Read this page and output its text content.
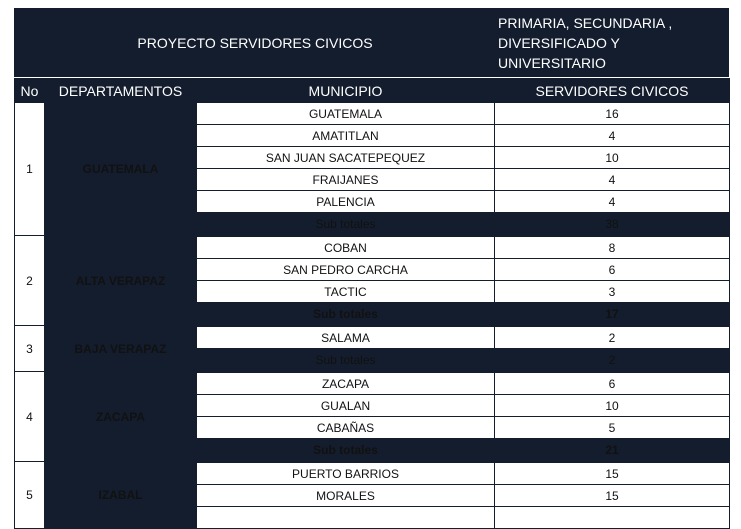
PROYECTO SERVIDORES CIVICOS
PRIMARIA, SECUNDARIA ,
DIVERSIFICADO Y UNIVERSITARIO
No	DEPARTAMENTOS	MUNICIPIO	SERVIDORES CIVICOS
1	GUATEMALA	GUATEMALA	16
		AMATITLAN	4
		SAN JUAN SACATEPEQUEZ	10
		FRAIJANES	4
		PALENCIA	4
		Sub totales	38
2	ALTA VERAPAZ	COBAN	8
		SAN PEDRO CARCHA	6
		TACTIC	3
		Sub totales	17
3	BAJA VERAPAZ	SALAMA	2
		Sub totales	2
4	ZACAPA	ZACAPA	6
		GUALAN	10
		CABAÑAS	5
		Sub totales	21
5	IZABAL	PUERTO BARRIOS	15
		MORALES	15
